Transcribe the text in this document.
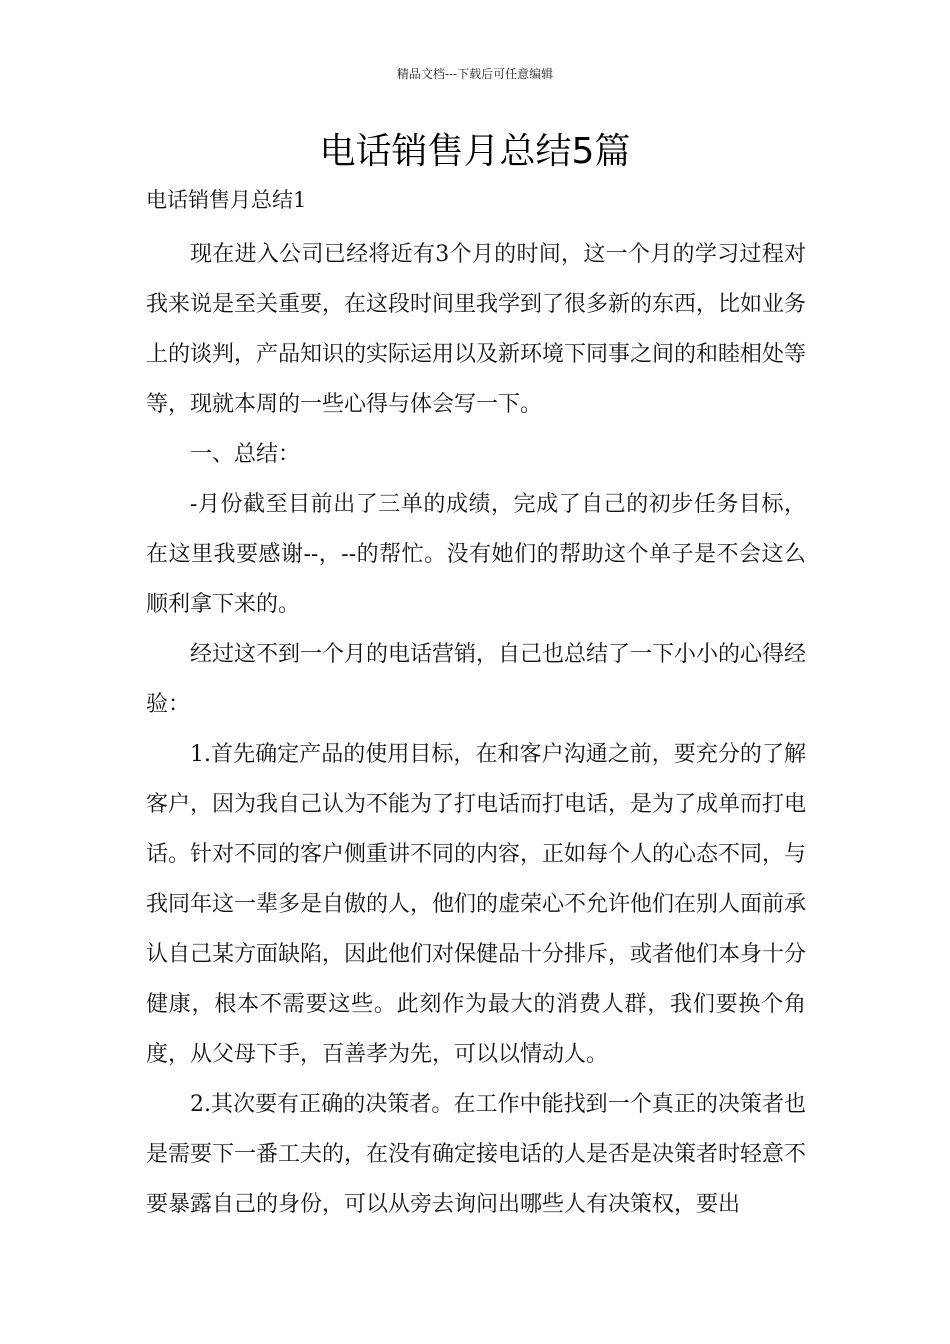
精品文档---下载后可任意编辑
电话销售月总结5篇
电话销售月总结1

现在进入公司已经将近有3个月的时间，这一个月的学习过程对我来说是至关重要，在这段时间里我学到了很多新的东西，比如业务上的谈判，产品知识的实际运用以及新环境下同事之间的和睦相处等等，现就本周的一些心得与体会写一下。

一、总结：

-月份截至目前出了三单的成绩，完成了自己的初步任务目标，在这里我要感谢--，--的帮忙。没有她们的帮助这个单子是不会这么顺利拿下来的。

经过这不到一个月的电话营销，自己也总结了一下小小的心得经验：

1.首先确定产品的使用目标，在和客户沟通之前，要充分的了解客户，因为我自己认为不能为了打电话而打电话，是为了成单而打电话。针对不同的客户侧重讲不同的内容，正如每个人的心态不同，与我同年这一辈多是自傲的人，他们的虚荣心不允许他们在别人面前承认自己某方面缺陷，因此他们对保健品十分排斥，或者他们本身十分健康，根本不需要这些。此刻作为最大的消费人群，我们要换个角度，从父母下手，百善孝为先，可以以情动人。

2.其次要有正确的决策者。在工作中能找到一个真正的决策者也是需要下一番工夫的，在没有确定接电话的人是否是决策者时轻意不要暴露自己的身份，可以从旁去询问出哪些人有决策权，要出
